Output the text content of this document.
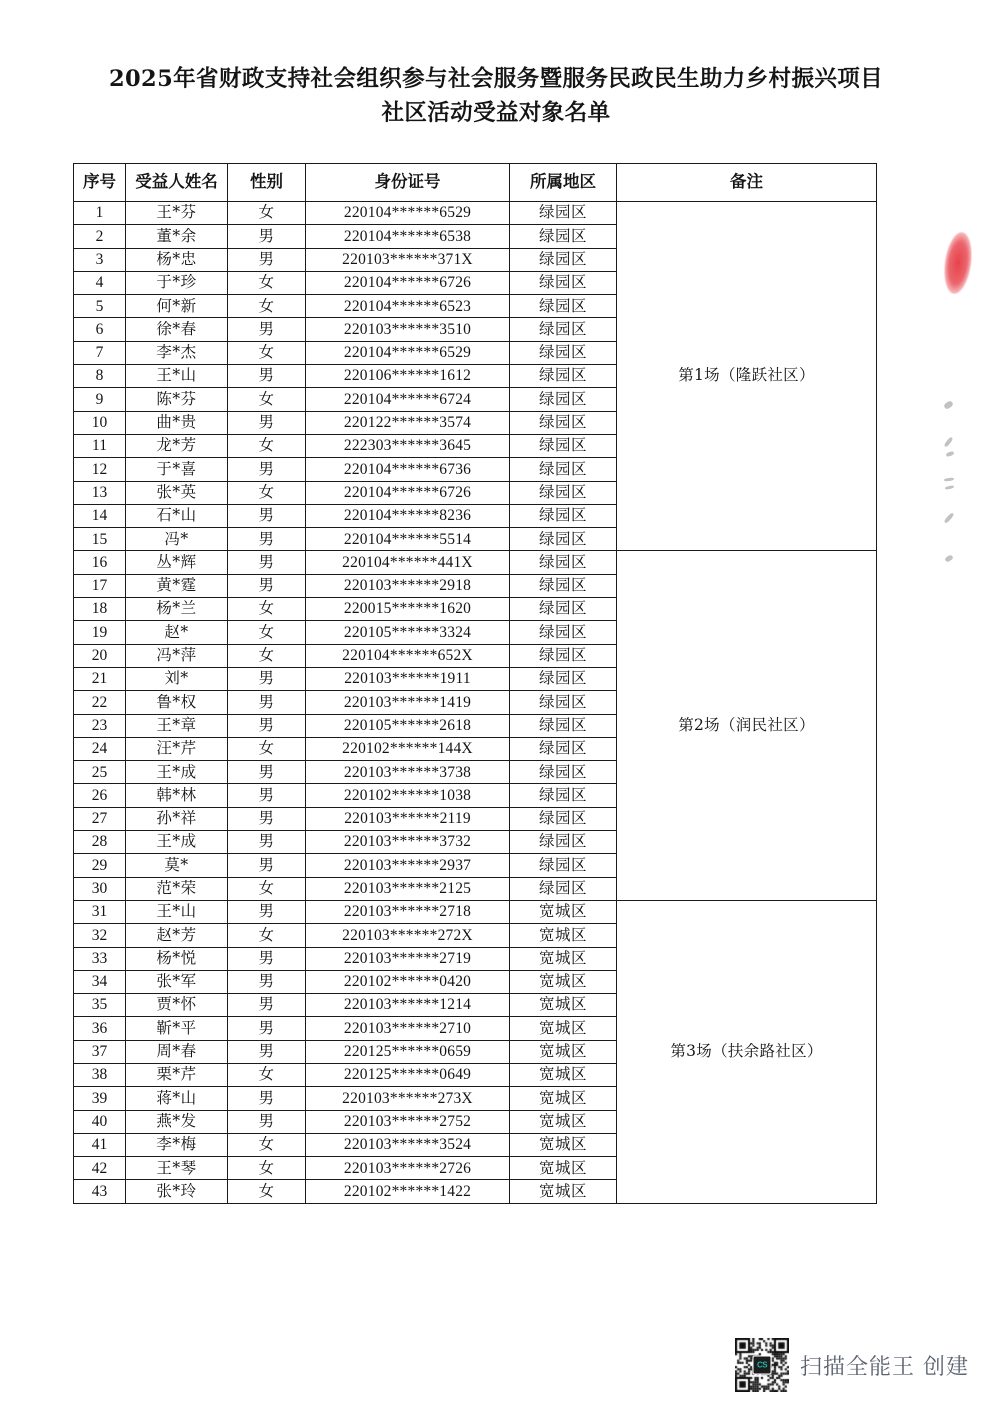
2025年省财政支持社会组织参与社会服务暨服务民政民生助力乡村振兴项目
社区活动受益对象名单
序号	受益人姓名	性别	身份证号	所属地区	备注
1	王*芬	女	220104******6529	绿园区	第1场（隆跃社区）
2	董*余	男	220104******6538	绿园区	
3	杨*忠	男	220103******371X	绿园区	
4	于*珍	女	220104******6726	绿园区	
5	何*新	女	220104******6523	绿园区	
6	徐*春	男	220103******3510	绿园区	
7	李*杰	女	220104******6529	绿园区	
8	王*山	男	220106******1612	绿园区	
9	陈*芬	女	220104******6724	绿园区	
10	曲*贵	男	220122******3574	绿园区	
11	龙*芳	女	222303******3645	绿园区	
12	于*喜	男	220104******6736	绿园区	
13	张*英	女	220104******6726	绿园区	
14	石*山	男	220104******8236	绿园区	
15	冯*	男	220104******5514	绿园区	
16	丛*辉	男	220104******441X	绿园区	第2场（润民社区）
17	黄*霆	男	220103******2918	绿园区	
18	杨*兰	女	220015******1620	绿园区	
19	赵*	女	220105******3324	绿园区	
20	冯*萍	女	220104******652X	绿园区	
21	刘*	男	220103******1911	绿园区	
22	鲁*权	男	220103******1419	绿园区	
23	王*章	男	220105******2618	绿园区	
24	汪*芹	女	220102******144X	绿园区	
25	王*成	男	220103******3738	绿园区	
26	韩*林	男	220102******1038	绿园区	
27	孙*祥	男	220103******2119	绿园区	
28	王*成	男	220103******3732	绿园区	
29	莫*	男	220103******2937	绿园区	
30	范*荣	女	220103******2125	绿园区	
31	王*山	男	220103******2718	宽城区	第3场（扶余路社区）
32	赵*芳	女	220103******272X	宽城区	
33	杨*悦	男	220103******2719	宽城区	
34	张*军	男	220102******0420	宽城区	
35	贾*怀	男	220103******1214	宽城区	
36	靳*平	男	220103******2710	宽城区	
37	周*春	男	220125******0659	宽城区	
38	栗*芹	女	220125******0649	宽城区	
39	蒋*山	男	220103******273X	宽城区	
40	燕*发	男	220103******2752	宽城区	
41	李*梅	女	220103******3524	宽城区	
42	王*琴	女	220103******2726	宽城区	
43	张*玲	女	220102******1422	宽城区	
CS 扫描全能王 创建
